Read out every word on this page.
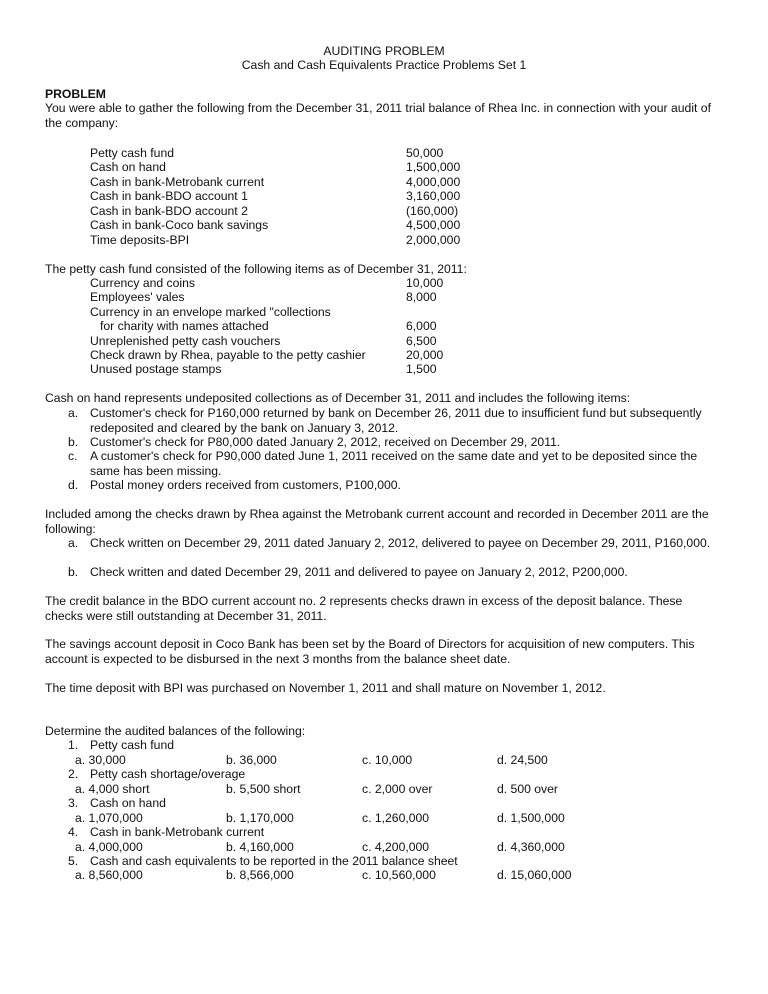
AUDITING PROBLEM
Cash and Cash Equivalents Practice Problems Set 1
PROBLEM
You were able to gather the following from the December 31, 2011 trial balance of Rhea Inc. in connection with your audit of the company:
Petty cash fund	50,000
Cash on hand	1,500,000
Cash in bank-Metrobank current	4,000,000
Cash in bank-BDO account 1	3,160,000
Cash in bank-BDO account 2	(160,000)
Cash in bank-Coco bank savings	4,500,000
Time deposits-BPI	2,000,000
The petty cash fund consisted of the following items as of December 31, 2011:
Currency and coins	10,000
Employees' vales	8,000
Currency in an envelope marked "collections
for charity with names attached	6,000
Unreplenished petty cash vouchers	6,500
Check drawn by Rhea, payable to the petty cashier	20,000
Unused postage stamps	1,500
Cash on hand represents undeposited collections as of December 31, 2011 and includes the following items:
a. Customer's check for P160,000 returned by bank on December 26, 2011 due to insufficient fund but subsequently redeposited and cleared by the bank on January 3, 2012.
b. Customer's check for P80,000 dated January 2, 2012, received on December 29, 2011.
c. A customer's check for P90,000 dated June 1, 2011 received on the same date and yet to be deposited since the same has been missing.
d. Postal money orders received from customers, P100,000.
Included among the checks drawn by Rhea against the Metrobank current account and recorded in December 2011 are the following:
a. Check written on December 29, 2011 dated January 2, 2012, delivered to payee on December 29, 2011, P160,000.
b. Check written and dated December 29, 2011 and delivered to payee on January 2, 2012, P200,000.
The credit balance in the BDO current account no. 2 represents checks drawn in excess of the deposit balance. These checks were still outstanding at December 31, 2011.
The savings account deposit in Coco Bank has been set by the Board of Directors for acquisition of new computers. This account is expected to be disbursed in the next 3 months from the balance sheet date.
The time deposit with BPI was purchased on November 1, 2011 and shall mature on November 1, 2012.
Determine the audited balances of the following:
1. Petty cash fund
a. 30,000	b. 36,000	c. 10,000	d. 24,500
2. Petty cash shortage/overage
a. 4,000 short	b. 5,500 short	c. 2,000 over	d. 500 over
3. Cash on hand
a. 1,070,000	b. 1,170,000	c. 1,260,000	d. 1,500,000
4. Cash in bank-Metrobank current
a. 4,000,000	b. 4,160,000	c. 4,200,000	d. 4,360,000
5. Cash and cash equivalents to be reported in the 2011 balance sheet
a. 8,560,000	b. 8,566,000	c. 10,560,000	d. 15,060,000
